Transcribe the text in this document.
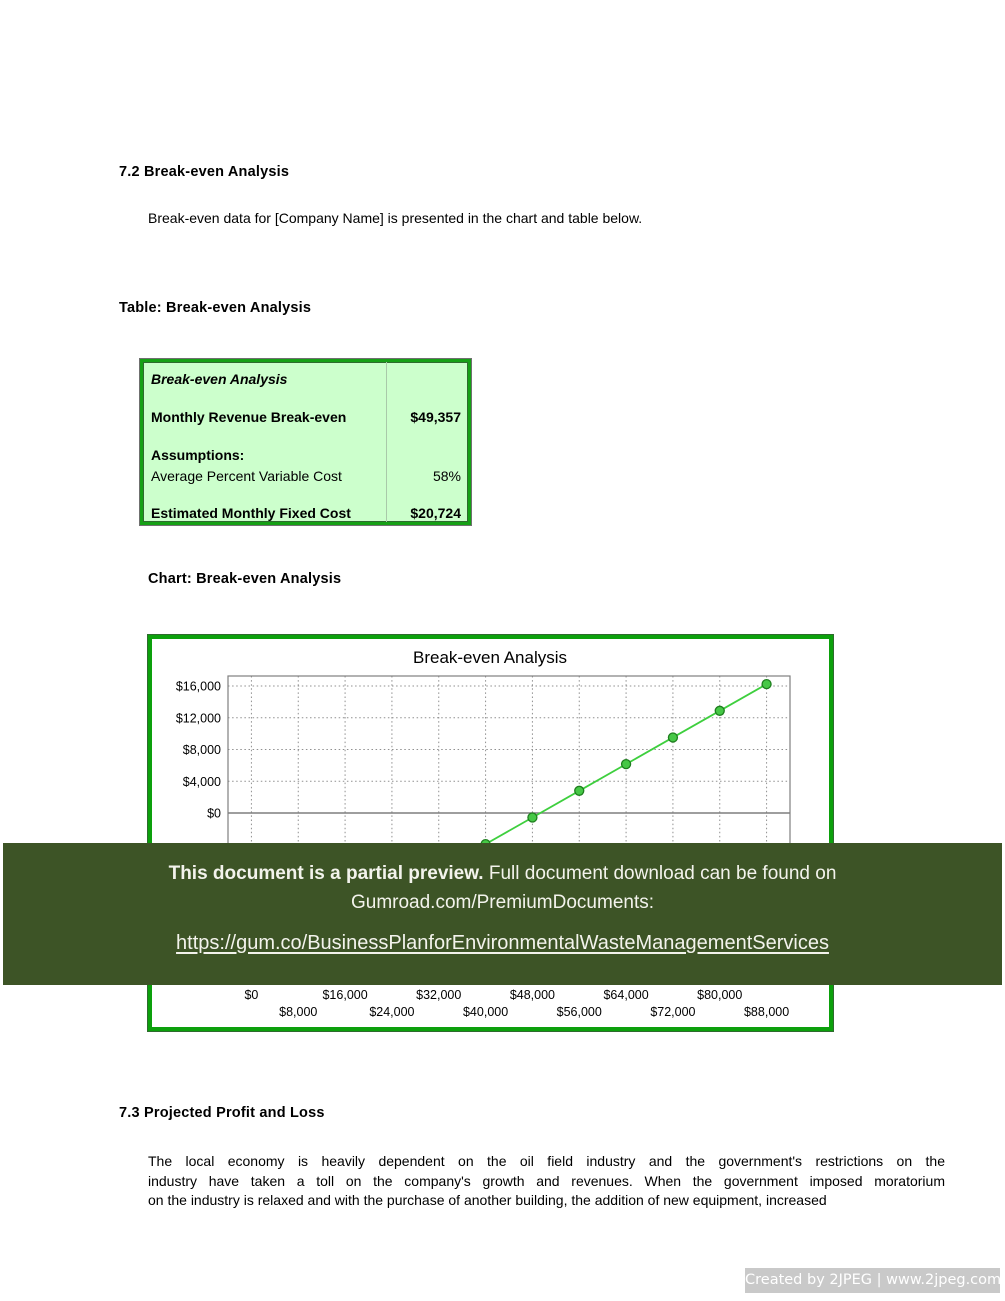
7.2 Break-even Analysis
Break-even data for [Company Name] is presented in the chart and table below.
Table: Break-even Analysis
Break-even Analysis
Monthly Revenue Break-even	$49,357
Assumptions:
Average Percent Variable Cost	58%
Estimated Monthly Fixed Cost	$20,724
Chart: Break-even Analysis
$16,000
$12,000
$8,000
$4,000
$0
$0
$8,000
$16,000
$24,000
$32,000
$40,000
$48,000
$56,000
$64,000
$72,000
$80,000
$88,000
Break-even Analysis

This document is a partial preview. Full document download can be found on Gumroad.com/PremiumDocuments:

https://gum.co/BusinessPlanforEnvironmentalWasteManagementServices
7.3 Projected Profit and Loss
The local economy is heavily dependent on the oil field industry and the government's restrictions on the
industry have taken a toll on the company's growth and revenues. When the government imposed moratorium
on the industry is relaxed and with the purchase of another building, the addition of new equipment, increased
Created by 2JPEG | www.2jpeg.com
